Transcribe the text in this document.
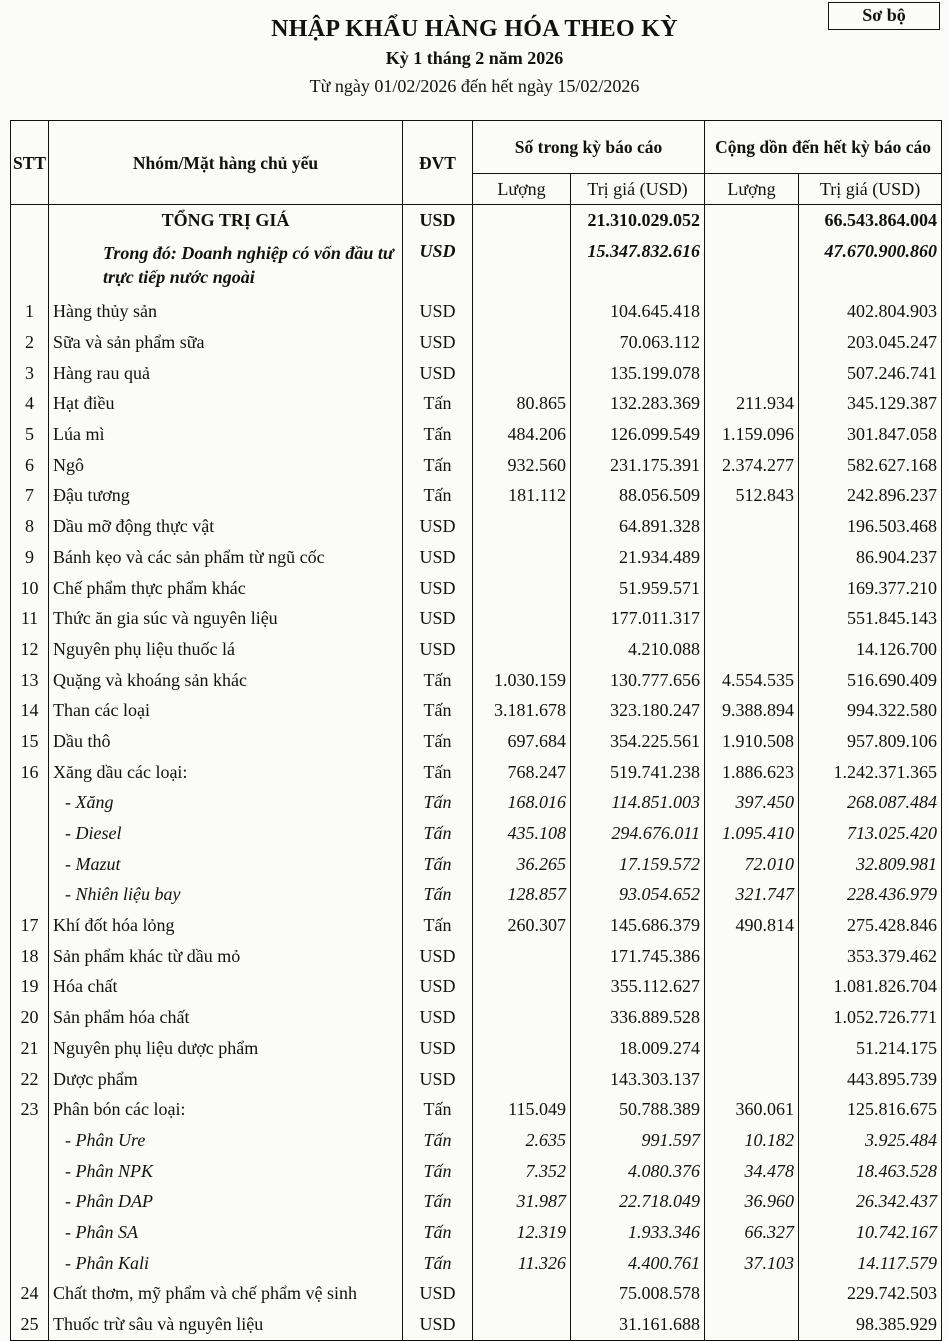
Sơ bộ
NHẬP KHẨU HÀNG HÓA THEO KỲ
Kỳ 1 tháng 2 năm 2026
Từ ngày 01/02/2026 đến hết ngày 15/02/2026
STT	Nhóm/Mặt hàng chủ yếu	ĐVT	Số trong kỳ báo cáo		Cộng dồn đến hết kỳ báo cáo	
			Lượng	Trị giá (USD)	Lượng	Trị giá (USD)
	TỔNG TRỊ GIÁ	USD		21.310.029.052		66.543.864.004
	Trong đó: Doanh nghiệp có vốn đầu tư trực tiếp nước ngoài	USD		15.347.832.616		47.670.900.860
1	Hàng thủy sản	USD		104.645.418		402.804.903
2	Sữa và sản phẩm sữa	USD		70.063.112		203.045.247
3	Hàng rau quả	USD		135.199.078		507.246.741
4	Hạt điều	Tấn	80.865	132.283.369	211.934	345.129.387
5	Lúa mì	Tấn	484.206	126.099.549	1.159.096	301.847.058
6	Ngô	Tấn	932.560	231.175.391	2.374.277	582.627.168
7	Đậu tương	Tấn	181.112	88.056.509	512.843	242.896.237
8	Dầu mỡ động thực vật	USD		64.891.328		196.503.468
9	Bánh kẹo và các sản phẩm từ ngũ cốc	USD		21.934.489		86.904.237
10	Chế phẩm thực phẩm khác	USD		51.959.571		169.377.210
11	Thức ăn gia súc và nguyên liệu	USD		177.011.317		551.845.143
12	Nguyên phụ liệu thuốc lá	USD		4.210.088		14.126.700
13	Quặng và khoáng sản khác	Tấn	1.030.159	130.777.656	4.554.535	516.690.409
14	Than các loại	Tấn	3.181.678	323.180.247	9.388.894	994.322.580
15	Dầu thô	Tấn	697.684	354.225.561	1.910.508	957.809.106
16	Xăng dầu các loại:	Tấn	768.247	519.741.238	1.886.623	1.242.371.365
	- Xăng	Tấn	168.016	114.851.003	397.450	268.087.484
	- Diesel	Tấn	435.108	294.676.011	1.095.410	713.025.420
	- Mazut	Tấn	36.265	17.159.572	72.010	32.809.981
	- Nhiên liệu bay	Tấn	128.857	93.054.652	321.747	228.436.979
17	Khí đốt hóa lỏng	Tấn	260.307	145.686.379	490.814	275.428.846
18	Sản phẩm khác từ dầu mỏ	USD		171.745.386		353.379.462
19	Hóa chất	USD		355.112.627		1.081.826.704
20	Sản phẩm hóa chất	USD		336.889.528		1.052.726.771
21	Nguyên phụ liệu dược phẩm	USD		18.009.274		51.214.175
22	Dược phẩm	USD		143.303.137		443.895.739
23	Phân bón các loại:	Tấn	115.049	50.788.389	360.061	125.816.675
	- Phân Ure	Tấn	2.635	991.597	10.182	3.925.484
	- Phân NPK	Tấn	7.352	4.080.376	34.478	18.463.528
	- Phân DAP	Tấn	31.987	22.718.049	36.960	26.342.437
	- Phân SA	Tấn	12.319	1.933.346	66.327	10.742.167
	- Phân Kali	Tấn	11.326	4.400.761	37.103	14.117.579
24	Chất thơm, mỹ phẩm và chế phẩm vệ sinh	USD		75.008.578		229.742.503
25	Thuốc trừ sâu và nguyên liệu	USD		31.161.688		98.385.929
